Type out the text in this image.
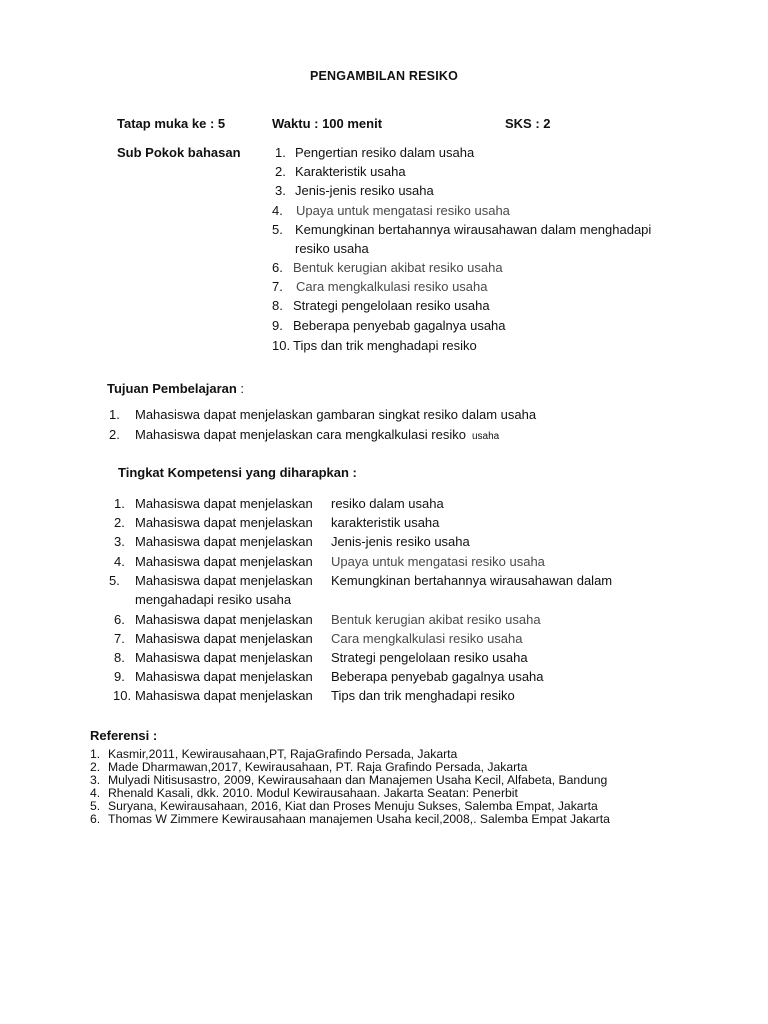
PENGAMBILAN RESIKO
Tatap muka ke : 5	Waktu : 100 menit	SKS : 2
Sub Pokok bahasan	1. Pengertian resiko dalam usaha
2. Karakteristik usaha
3. Jenis-jenis resiko usaha
4. Upaya untuk mengatasi resiko usaha
5. Kemungkinan bertahannya wirausahawan dalam menghadapi
resiko usaha
6. Bentuk kerugian akibat resiko usaha
7. Cara mengkalkulasi resiko usaha
8. Strategi pengelolaan resiko usaha
9. Beberapa penyebab gagalnya usaha
10. Tips dan trik menghadapi resiko
Tujuan Pembelajaran :
1. Mahasiswa dapat menjelaskan gambaran singkat resiko dalam usaha
2. Mahasiswa dapat menjelaskan cara mengkalkulasi resiko usaha
Tingkat Kompetensi yang diharapkan :
1. Mahasiswa dapat menjelaskan resiko dalam usaha
2. Mahasiswa dapat menjelaskan karakteristik usaha
3. Mahasiswa dapat menjelaskan Jenis-jenis resiko usaha
4. Mahasiswa dapat menjelaskan Upaya untuk mengatasi resiko usaha
5. Mahasiswa dapat menjelaskan Kemungkinan bertahannya wirausahawan dalam
mengahadapi resiko usaha
6. Mahasiswa dapat menjelaskan Bentuk kerugian akibat resiko usaha
7. Mahasiswa dapat menjelaskan Cara mengkalkulasi resiko usaha
8. Mahasiswa dapat menjelaskan Strategi pengelolaan resiko usaha
9. Mahasiswa dapat menjelaskan Beberapa penyebab gagalnya usaha
10. Mahasiswa dapat menjelaskan Tips dan trik menghadapi resiko
Referensi :
1. Kasmir,2011, Kewirausahaan,PT, RajaGrafindo Persada, Jakarta
2. Made Dharmawan,2017, Kewirausahaan, PT. Raja Grafindo Persada, Jakarta
3. Mulyadi Nitisusastro, 2009, Kewirausahaan dan Manajemen Usaha Kecil, Alfabeta, Bandung
4. Rhenald Kasali, dkk. 2010. Modul Kewirausahaan. Jakarta Seatan: Penerbit
5. Suryana, Kewirausahaan, 2016, Kiat dan Proses Menuju Sukses, Salemba Empat, Jakarta
6. Thomas W Zimmere Kewirausahaan manajemen Usaha kecil,2008,. Salemba Empat Jakarta
